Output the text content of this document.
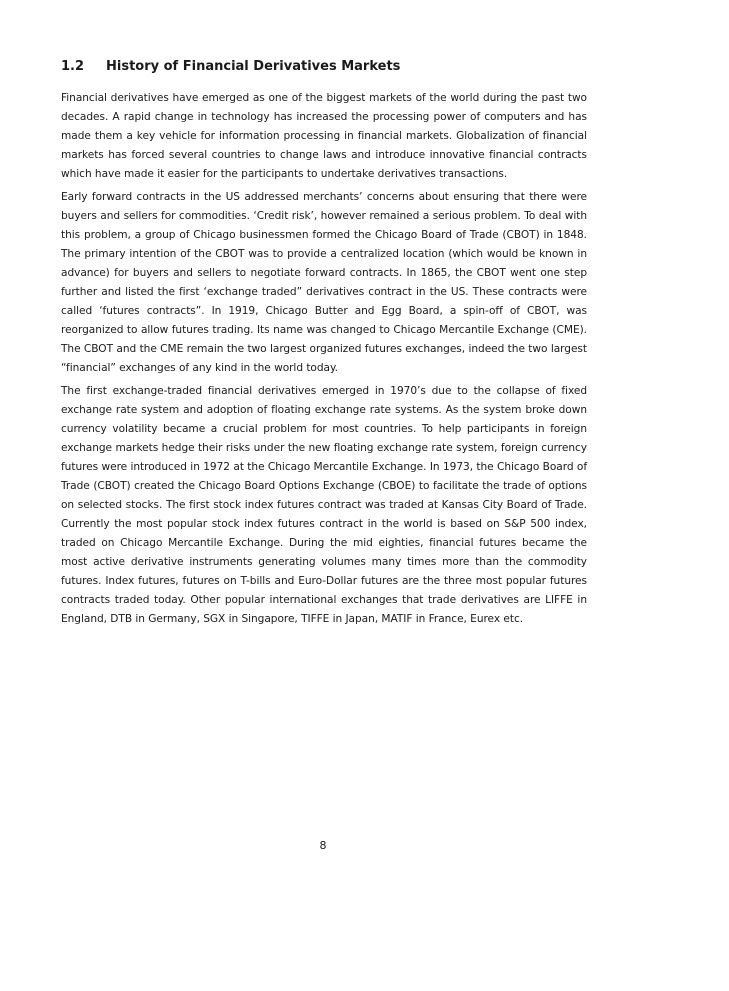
1.2 History of Financial Derivatives Markets

Financial derivatives have emerged as one of the biggest markets of the world during the past two decades. A rapid change in technology has increased the processing power of computers and has made them a key vehicle for information processing in financial markets. Globalization of financial markets has forced several countries to change laws and introduce innovative financial contracts which have made it easier for the participants to undertake derivatives transactions.

Early forward contracts in the US addressed merchants’ concerns about ensuring that there were buyers and sellers for commodities. ‘Credit risk’, however remained a serious problem. To deal with this problem, a group of Chicago businessmen formed the Chicago Board of Trade (CBOT) in 1848. The primary intention of the CBOT was to provide a centralized location (which would be known in advance) for buyers and sellers to negotiate forward contracts. In 1865, the CBOT went one step further and listed the first ‘exchange traded” derivatives contract in the US. These contracts were called ‘futures contracts”. In 1919, Chicago Butter and Egg Board, a spin-off of CBOT, was reorganized to allow futures trading. Its name was changed to Chicago Mercantile Exchange (CME). The CBOT and the CME remain the two largest organized futures exchanges, indeed the two largest “financial” exchanges of any kind in the world today.

The first exchange-traded financial derivatives emerged in 1970’s due to the collapse of fixed exchange rate system and adoption of floating exchange rate systems. As the system broke down currency volatility became a crucial problem for most countries. To help participants in foreign exchange markets hedge their risks under the new floating exchange rate system, foreign currency futures were introduced in 1972 at the Chicago Mercantile Exchange. In 1973, the Chicago Board of Trade (CBOT) created the Chicago Board Options Exchange (CBOE) to facilitate the trade of options on selected stocks. The first stock index futures contract was traded at Kansas City Board of Trade. Currently the most popular stock index futures contract in the world is based on S&P 500 index, traded on Chicago Mercantile Exchange. During the mid eighties, financial futures became the most active derivative instruments generating volumes many times more than the commodity futures. Index futures, futures on T-bills and Euro-Dollar futures are the three most popular futures contracts traded today. Other popular international exchanges that trade derivatives are LIFFE in England, DTB in Germany, SGX in Singapore, TIFFE in Japan, MATIF in France, Eurex etc.

8
